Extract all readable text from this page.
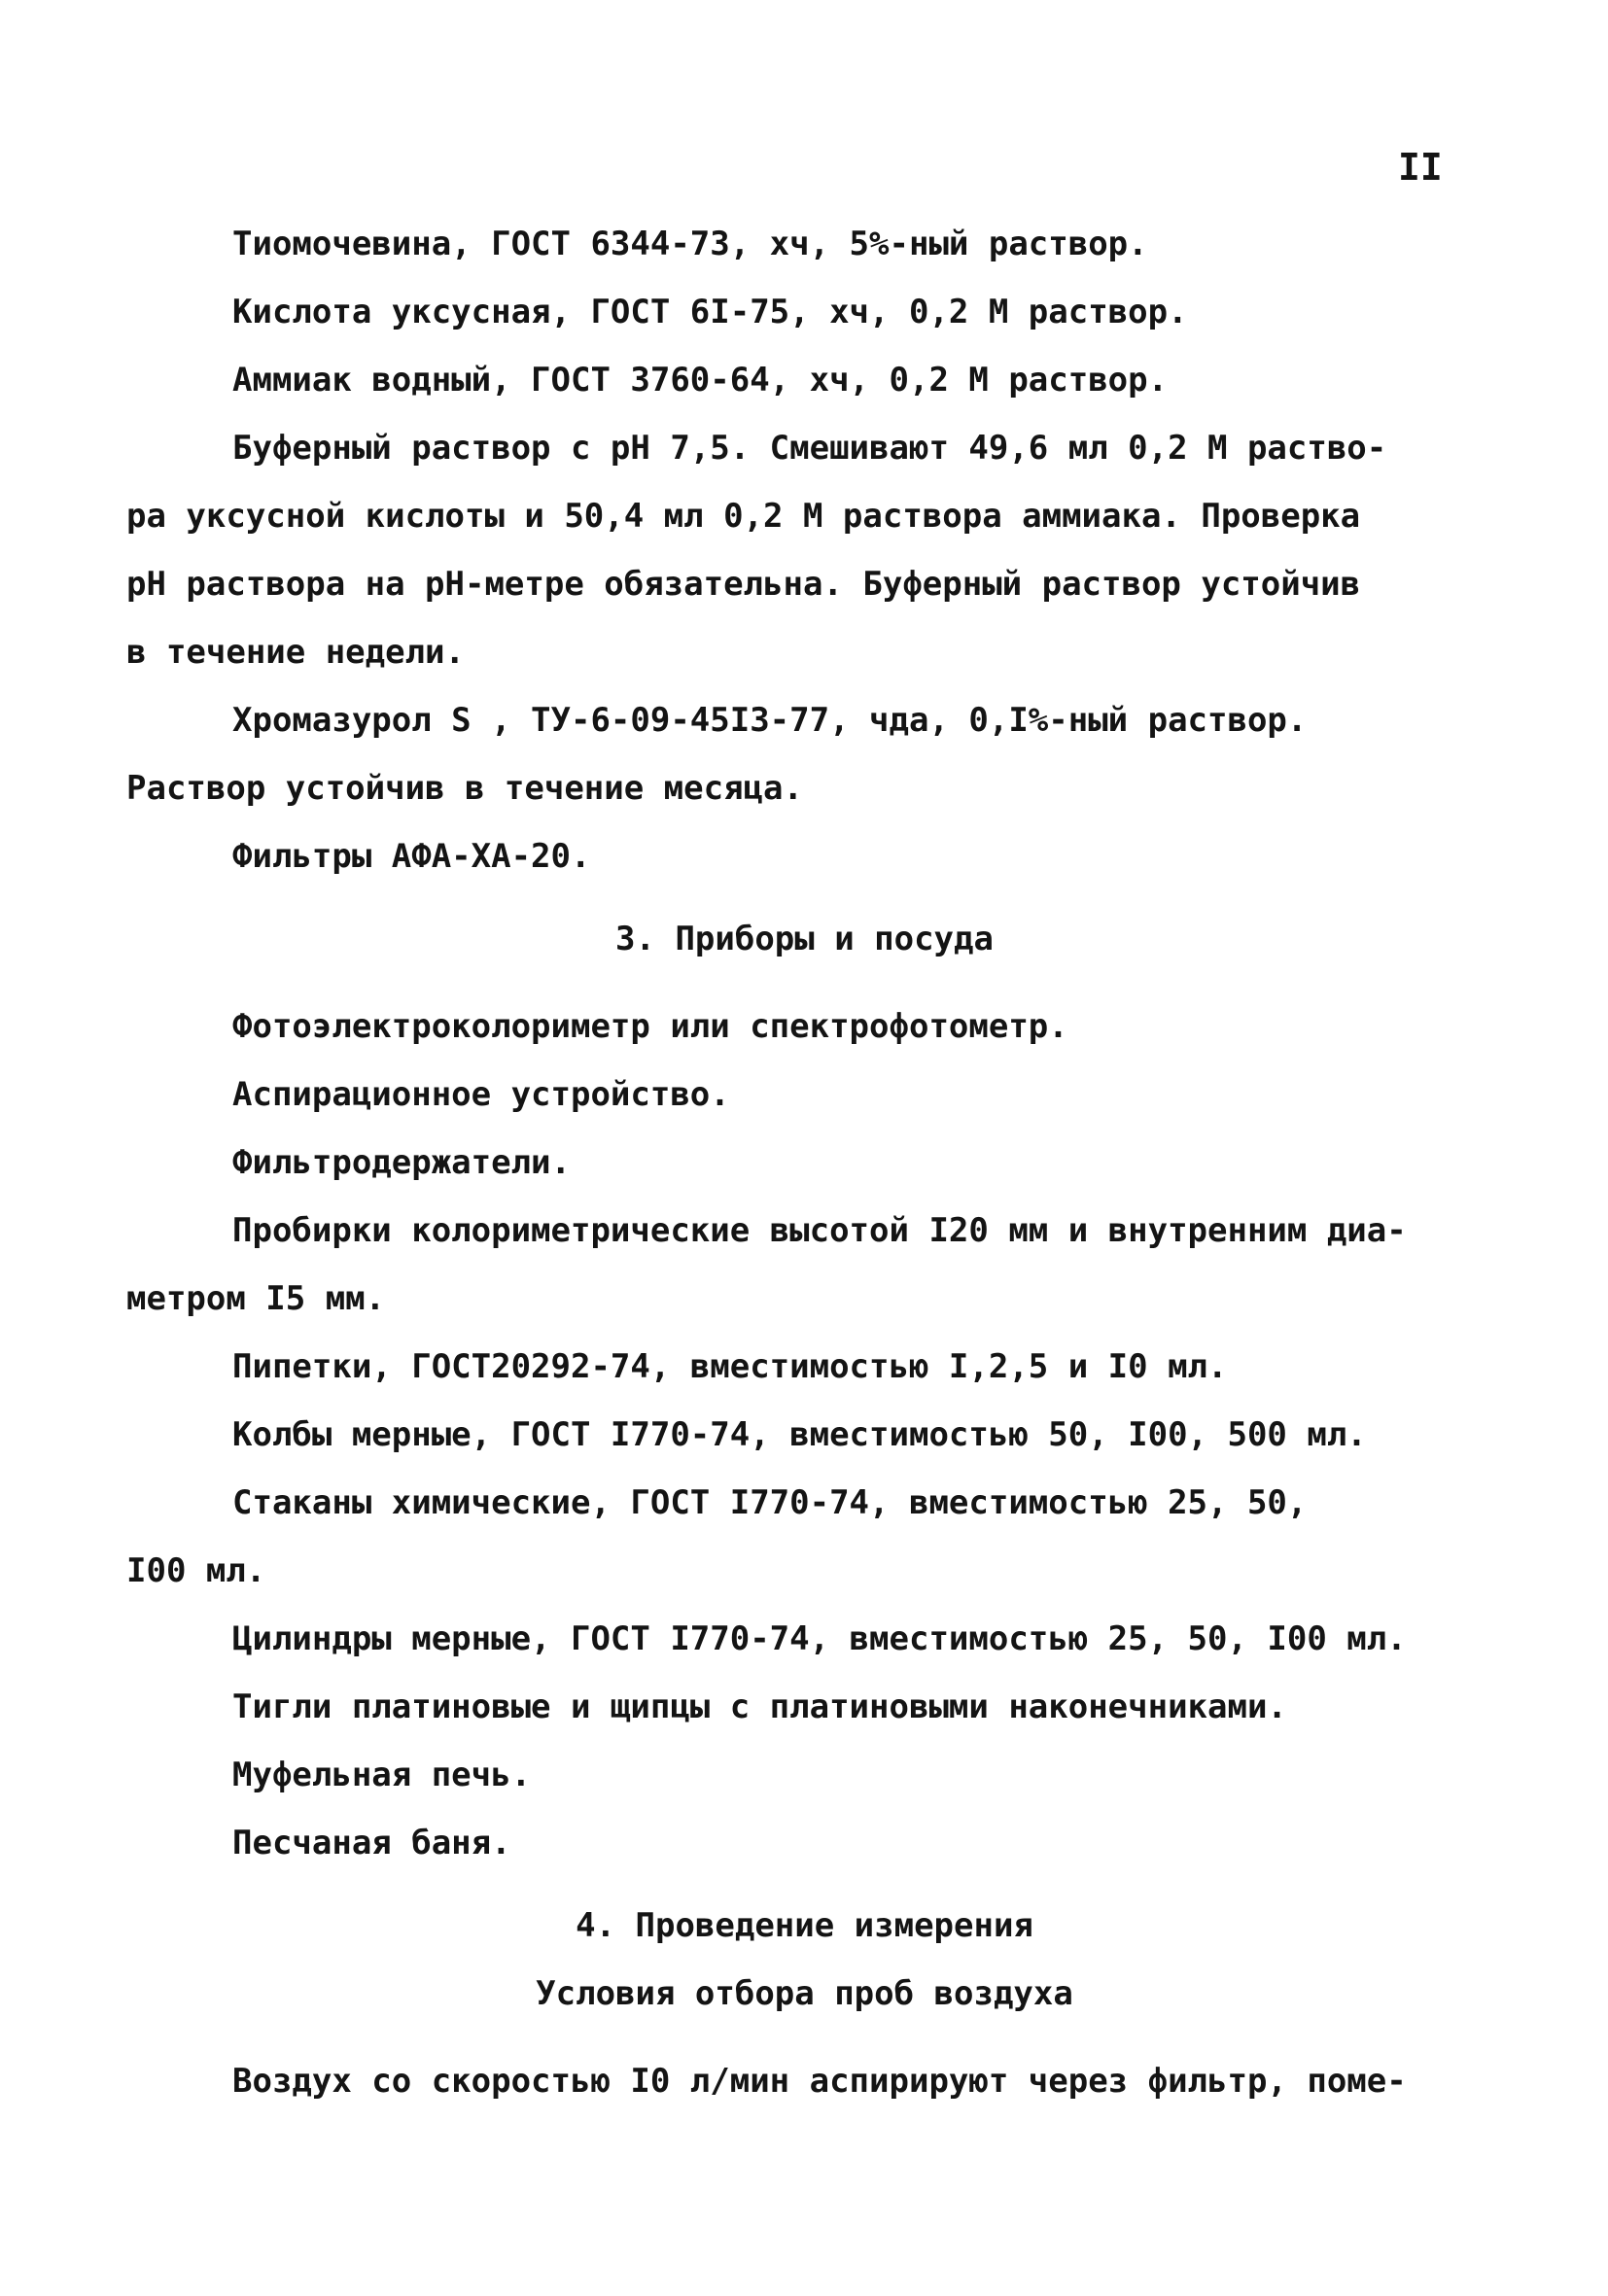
II

Тиомочевина, ГОСТ 6344-73, хч, 5%-ный раствор.

Кислота уксусная, ГОСТ 6I-75, хч, 0,2 М раствор.

Аммиак водный, ГОСТ 3760-64, хч, 0,2 М раствор.

Буферный раствор с рН 7,5. Смешивают 49,6 мл 0,2 М раство-

ра уксусной кислоты и 50,4 мл 0,2 М раствора аммиака. Проверка

рН раствора на рН-метре обязательна. Буферный раствор устойчив

в течение недели.

Хромазурол S , ТУ-6-09-45I3-77, чда, 0,I%-ный раствор.

Раствор устойчив в течение месяца.

Фильтры АФА-ХА-20.

3. Приборы и посуда

Фотоэлектроколориметр или спектрофотометр.

Аспирационное устройство.

Фильтродержатели.

Пробирки колориметрические высотой I20 мм и внутренним диа-

метром I5 мм.

Пипетки, ГОСТ20292-74, вместимостью I,2,5 и I0 мл.

Колбы мерные, ГОСТ I770-74, вместимостью 50, I00, 500 мл.

Стаканы химические, ГОСТ I770-74, вместимостью 25, 50,

I00 мл.

Цилиндры мерные, ГОСТ I770-74, вместимостью 25, 50, I00 мл.

Тигли платиновые и щипцы с платиновыми наконечниками.

Муфельная печь.

Песчаная баня.

4. Проведение измерения

Условия отбора проб воздуха

Воздух со скоростью I0 л/мин аспирируют через фильтр, поме-
